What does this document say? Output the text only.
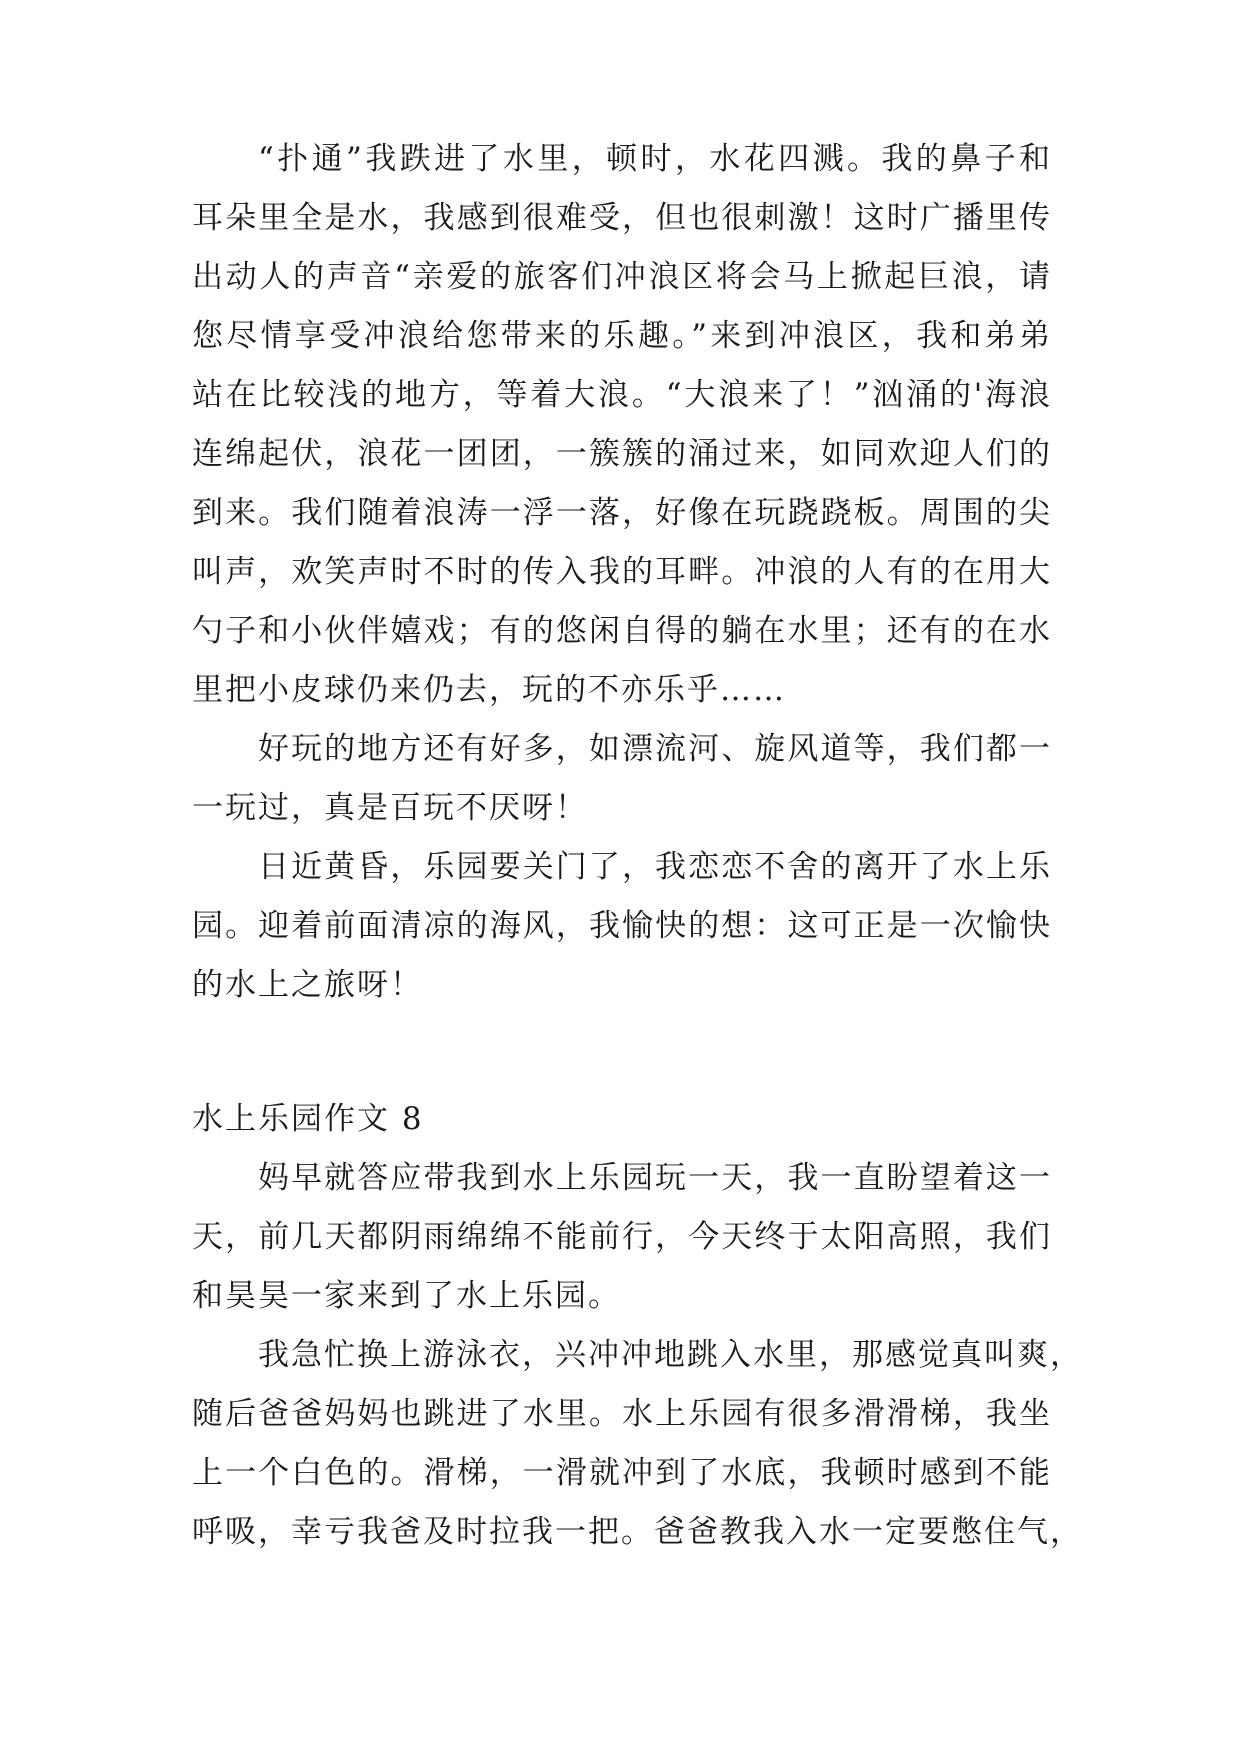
“扑通”我跌进了水里，顿时，水花四溅。我的鼻子和
耳朵里全是水，我感到很难受，但也很刺激！这时广播里传
出动人的声音“亲爱的旅客们冲浪区将会马上掀起巨浪，请
您尽情享受冲浪给您带来的乐趣。”来到冲浪区，我和弟弟
站在比较浅的地方，等着大浪。“大浪来了！”汹涌的'海浪
连绵起伏，浪花一团团，一簇簇的涌过来，如同欢迎人们的
到来。我们随着浪涛一浮一落，好像在玩跷跷板。周围的尖
叫声，欢笑声时不时的传入我的耳畔。冲浪的人有的在用大
勺子和小伙伴嬉戏；有的悠闲自得的躺在水里；还有的在水
里把小皮球仍来仍去，玩的不亦乐乎……
好玩的地方还有好多，如漂流河、旋风道等，我们都一
一玩过，真是百玩不厌呀！
日近黄昏，乐园要关门了，我恋恋不舍的离开了水上乐
园。迎着前面清凉的海风，我愉快的想：这可正是一次愉快
的水上之旅呀！
水上乐园作文 8
妈早就答应带我到水上乐园玩一天，我一直盼望着这一
天，前几天都阴雨绵绵不能前行，今天终于太阳高照，我们
和昊昊一家来到了水上乐园。
我急忙换上游泳衣，兴冲冲地跳入水里，那感觉真叫爽，
随后爸爸妈妈也跳进了水里。水上乐园有很多滑滑梯，我坐
上一个白色的。滑梯，一滑就冲到了水底，我顿时感到不能
呼吸，幸亏我爸及时拉我一把。爸爸教我入水一定要憋住气，
